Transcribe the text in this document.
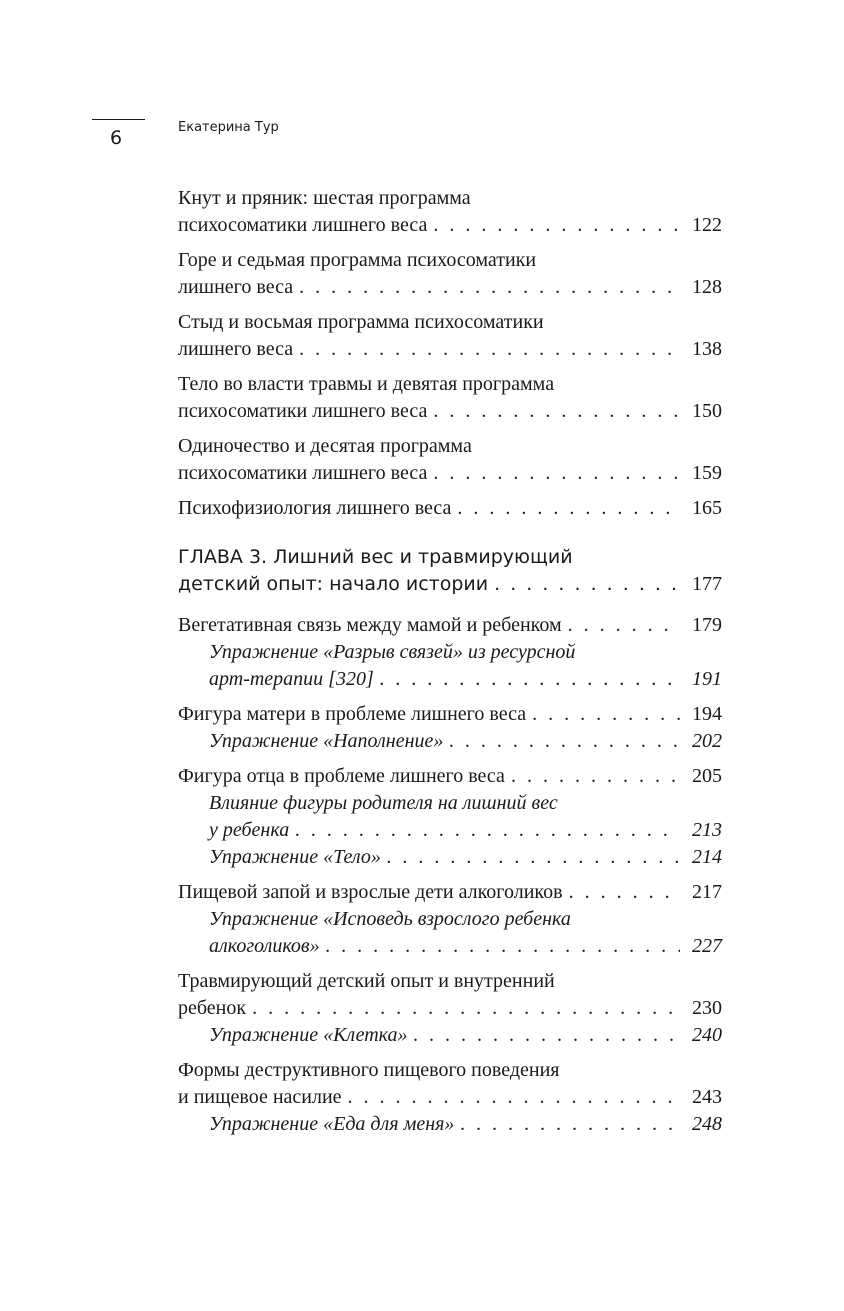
6	Екатерина Тур
Кнут и пряник: шестая программа
психосоматики лишнего веса . . .	122
Горе и седьмая программа психосоматики
лишнего веса . . .	128
Стыд и восьмая программа психосоматики
лишнего веса . . .	138
Тело во власти травмы и девятая программа
психосоматики лишнего веса . . .	150
Одиночество и десятая программа
психосоматики лишнего веса . . .	159
Психофизиология лишнего веса . . .	165
ГЛАВА 3. Лишний вес и травмирующий
детский опыт: начало истории . . .	177
Вегетативная связь между мамой и ребенком . . .	179
Упражнение «Разрыв связей» из ресурсной
арт-терапии [320] . . .	191
Фигура матери в проблеме лишнего веса . . .	194
Упражнение «Наполнение» . . .	202
Фигура отца в проблеме лишнего веса . . .	205
Влияние фигуры родителя на лишний вес
у ребенка . . .	213
Упражнение «Тело» . . .	214
Пищевой запой и взрослые дети алкоголиков . . .	217
Упражнение «Исповедь взрослого ребенка
алкоголиков» . . .	227
Травмирующий детский опыт и внутренний
ребенок . . .	230
Упражнение «Клетка» . . .	240
Формы деструктивного пищевого поведения
и пищевое насилие . . .	243
Упражнение «Еда для меня» . . .	248
